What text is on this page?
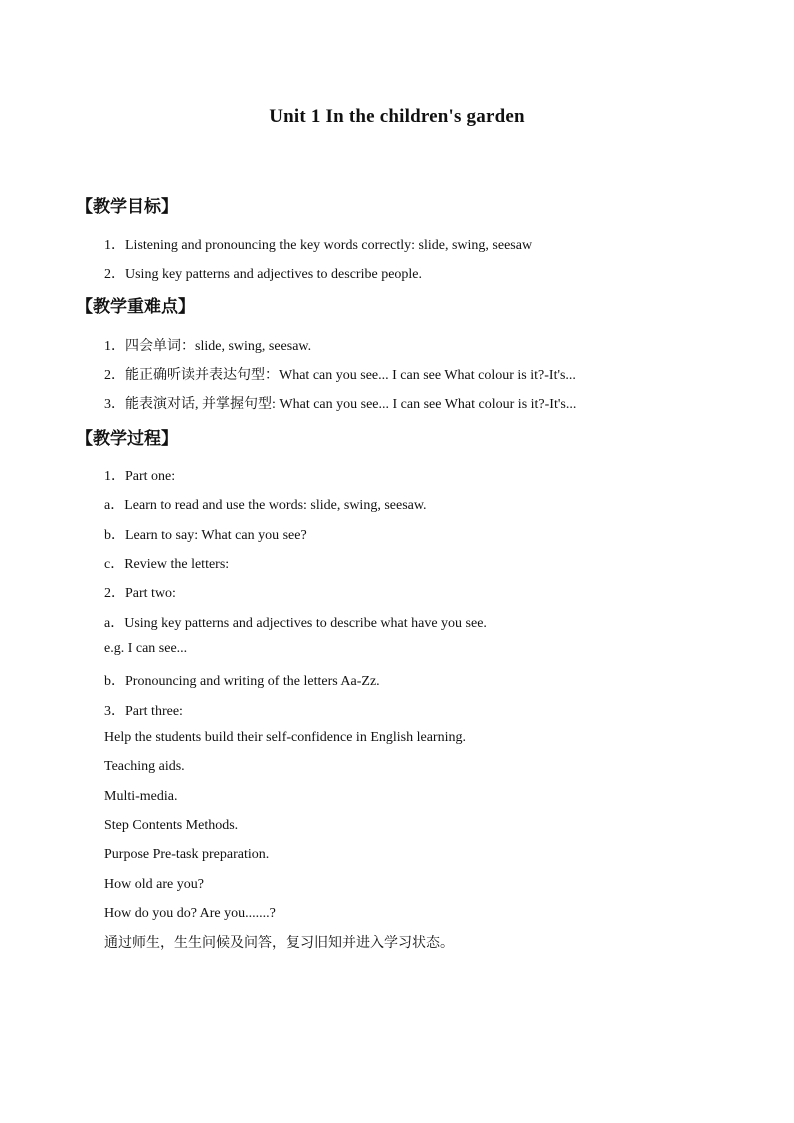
Unit 1 In the children's garden
【教学目标】
1．Listening and pronouncing the key words correctly: slide, swing, seesaw
2．Using key patterns and adjectives to describe people.
【教学重难点】
1．四会单词：slide, swing, seesaw.
2．能正确听读并表达句型：What can you see... I can see What colour is it?-It's...
3．能表演对话, 并掌握句型: What can you see... I can see What colour is it?-It's...
【教学过程】
1．Part one:
a．Learn to read and use the words: slide, swing, seesaw.
b．Learn to say: What can you see?
c．Review the letters:
2．Part two:
a．Using key patterns and adjectives to describe what have you see.
e.g. I can see...
b．Pronouncing and writing of the letters Aa-Zz.
3．Part three:
Help the students build their self-confidence in English learning.
Teaching aids.
Multi-media.
Step Contents Methods.
Purpose Pre-task preparation.
How old are you?
How do you do? Are you.......?
通过师生，生生问候及问答，复习旧知并进入学习状态。
